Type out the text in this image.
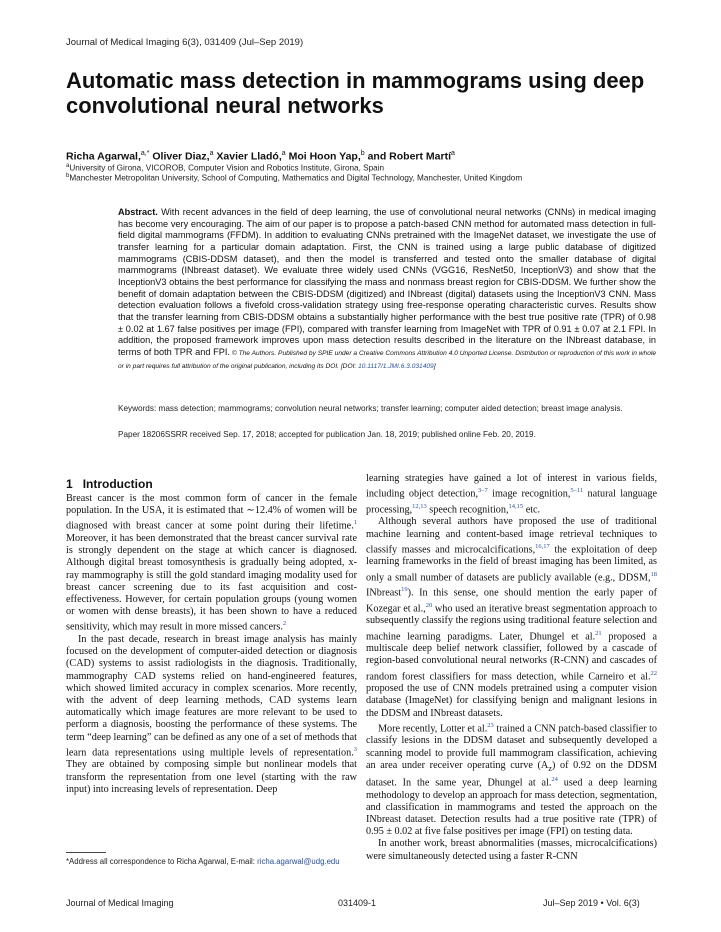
Journal of Medical Imaging 6(3), 031409 (Jul–Sep 2019)
Automatic mass detection in mammograms using deep convolutional neural networks
Richa Agarwal,$^{a,*}$ Oliver Diaz,$^a$ Xavier Lladó,$^a$ Moi Hoon Yap,$^b$ and Robert Martí$^a$
$^a$University of Girona, VICOROB, Computer Vision and Robotics Institute, Girona, Spain
$^b$Manchester Metropolitan University, School of Computing, Mathematics and Digital Technology, Manchester, United Kingdom

Abstract. With recent advances in the field of deep learning, the use of convolutional neural networks (CNNs) in medical imaging has become very encouraging. The aim of our paper is to propose a patch-based CNN method for automated mass detection in full-field digital mammograms (FFDM). In addition to evaluating CNNs pretrained with the ImageNet dataset, we investigate the use of transfer learning for a particular domain adaptation. First, the CNN is trained using a large public database of digitized mammograms (CBIS-DDSM dataset), and then the model is transferred and tested onto the smaller database of digital mammograms (INbreast dataset). We evaluate three widely used CNNs (VGG16, ResNet50, InceptionV3) and show that the InceptionV3 obtains the best performance for classifying the mass and nonmass breast region for CBIS-DDSM. We further show the benefit of domain adaptation between the CBIS-DDSM (digitized) and INbreast (digital) datasets using the InceptionV3 CNN. Mass detection evaluation follows a fivefold cross-validation strategy using free-response operating characteristic curves. Results show that the transfer learning from CBIS-DDSM obtains a substantially higher performance with the best true positive rate (TPR) of 0.98 ± 0.02 at 1.67 false positives per image (FPI), compared with transfer learning from ImageNet with TPR of 0.91 ± 0.07 at 2.1 FPI. In addition, the proposed framework improves upon mass detection results described in the literature on the INbreast database, in terms of both TPR and FPI. © The Authors. Published by SPIE under a Creative Commons Attribution 4.0 Unported License. Distribution or reproduction of this work in whole or in part requires full attribution of the original publication, including its DOI. [DOI: 10.1117/1.JMI.6.3.031409]

Keywords: mass detection; mammograms; convolution neural networks; transfer learning; computer aided detection; breast image analysis.

Paper 18206SSRR received Sep. 17, 2018; accepted for publication Jan. 18, 2019; published online Feb. 20, 2019.

1 Introduction

Breast cancer is the most common form of cancer in the female population. In the USA, it is estimated that ∼12.4% of women will be diagnosed with breast cancer at some point during their lifetime.$^1$ Moreover, it has been demonstrated that the breast cancer survival rate is strongly dependent on the stage at which cancer is diagnosed. Although digital breast tomosynthesis is gradually being adopted, x-ray mammography is still the gold standard imaging modality used for breast cancer screening due to its fast acquisition and cost-effectiveness. However, for certain population groups (young women or women with dense breasts), it has been shown to have a reduced sensitivity, which may result in more missed cancers.$^2$

In the past decade, research in breast image analysis has mainly focused on the development of computer-aided detection or diagnosis (CAD) systems to assist radiologists in the diagnosis. Traditionally, mammography CAD systems relied on hand-engineered features, which showed limited accuracy in complex scenarios. More recently, with the advent of deep learning methods, CAD systems learn automatically which image features are more relevant to be used to perform a diagnosis, boosting the performance of these systems. The term “deep learning” can be defined as any one of a set of methods that learn data representations using multiple levels of representation.$^3$ They are obtained by composing simple but nonlinear models that transform the representation from one level (starting with the raw input) into increasing levels of representation. Deep

learning strategies have gained a lot of interest in various fields, including object detection,$^{3-7}$ image recognition,$^{5-11}$ natural language processing,$^{12,13}$ speech recognition,$^{14,15}$ etc.

Although several authors have proposed the use of traditional machine learning and content-based image retrieval techniques to classify masses and microcalcifications,$^{16,17}$ the exploitation of deep learning frameworks in the field of breast imaging has been limited, as only a small number of datasets are publicly available (e.g., DDSM,$^{18}$ INbreast$^{19}$). In this sense, one should mention the early paper of Kozegar et al.,$^{20}$ who used an iterative breast segmentation approach to subsequently classify the regions using traditional feature selection and machine learning paradigms. Later, Dhungel et al.$^{21}$ proposed a multiscale deep belief network classifier, followed by a cascade of region-based convolutional neural networks (R-CNN) and cascades of random forest classifiers for mass detection, while Carneiro et al.$^{22}$ proposed the use of CNN models pretrained using a computer vision database (ImageNet) for classifying benign and malignant lesions in the DDSM and INbreast datasets.

More recently, Lotter et al.$^{23}$ trained a CNN patch-based classifier to classify lesions in the DDSM dataset and subsequently developed a scanning model to provide full mammogram classification, achieving an area under receiver operating curve $(A_z)$ of 0.92 on the DDSM dataset. In the same year, Dhungel at al.$^{24}$ used a deep learning methodology to develop an approach for mass detection, segmentation, and classification in mammograms and tested the approach on the INbreast dataset. Detection results had a true positive rate (TPR) of 0.95 ± 0.02 at five false positives per image (FPI) on testing data.

In another work, breast abnormalities (masses, microcalcifications) were simultaneously detected using a faster R-CNN

*Address all correspondence to Richa Agarwal, E-mail: richa.agarwal@udg.edu
Journal of Medical Imaging	031409-1	Jul–Sep 2019 • Vol. 6(3)
